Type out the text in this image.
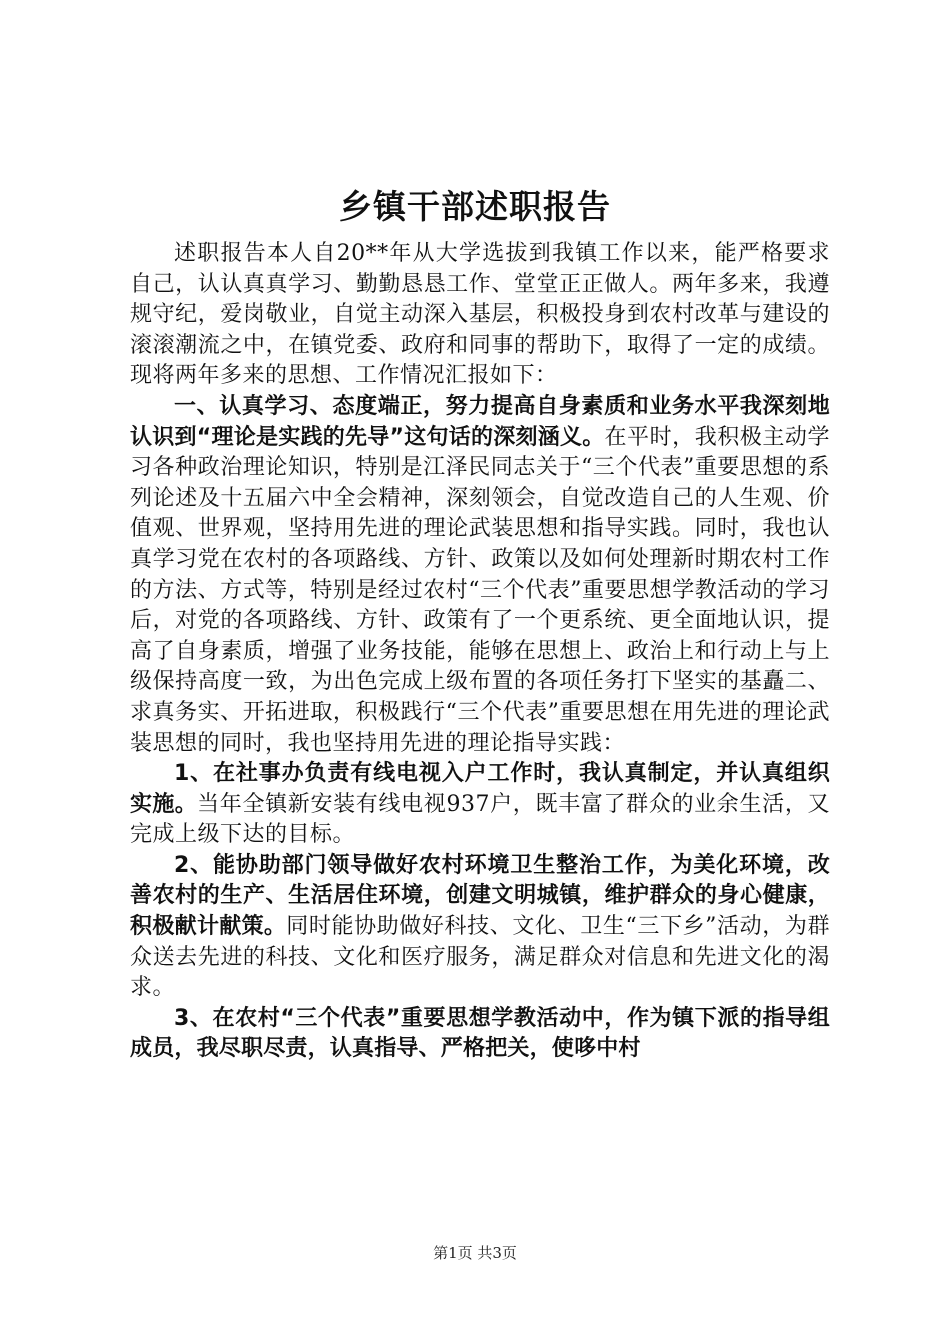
乡镇干部述职报告

述职报告本人自20**年从大学选拔到我镇工作以来，能严格要求自己，认认真真学习、勤勤恳恳工作、堂堂正正做人。两年多来，我遵规守纪，爱岗敬业，自觉主动深入基层，积极投身到农村改革与建设的滚滚潮流之中，在镇党委、政府和同事的帮助下，取得了一定的成绩。现将两年多来的思想、工作情况汇报如下：

一、认真学习、态度端正，努力提高自身素质和业务水平我深刻地认识到“理论是实践的先导”这句话的深刻涵义。在平时，我积极主动学习各种政治理论知识，特别是江泽民同志关于“三个代表”重要思想的系列论述及十五届六中全会精神，深刻领会，自觉改造自己的人生观、价值观、世界观，坚持用先进的理论武装思想和指导实践。同时，我也认真学习党在农村的各项路线、方针、政策以及如何处理新时期农村工作的方法、方式等，特别是经过农村“三个代表”重要思想学教活动的学习后，对党的各项路线、方针、政策有了一个更系统、更全面地认识，提高了自身素质，增强了业务技能，能够在思想上、政治上和行动上与上级保持高度一致，为出色完成上级布置的各项任务打下坚实的基矗二、求真务实、开拓进取，积极践行“三个代表”重要思想在用先进的理论武装思想的同时，我也坚持用先进的理论指导实践：

1、在社事办负责有线电视入户工作时，我认真制定，并认真组织实施。当年全镇新安装有线电视937户，既丰富了群众的业余生活，又完成上级下达的目标。

2、能协助部门领导做好农村环境卫生整治工作，为美化环境，改善农村的生产、生活居住环境，创建文明城镇，维护群众的身心健康，积极献计献策。同时能协助做好科技、文化、卫生“三下乡”活动，为群众送去先进的科技、文化和医疗服务，满足群众对信息和先进文化的渴求。

3、在农村“三个代表”重要思想学教活动中，作为镇下派的指导组成员，我尽职尽责，认真指导、严格把关，使哆中村

第1页 共3页
